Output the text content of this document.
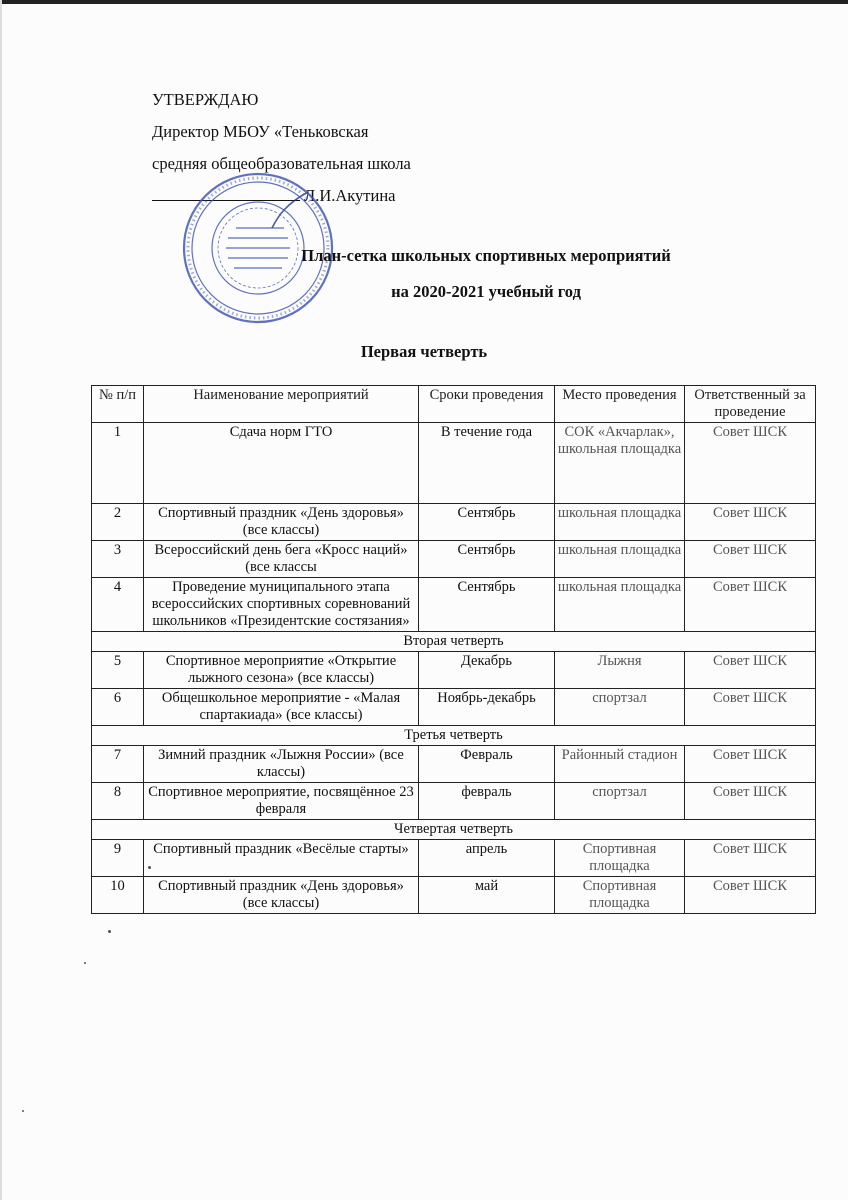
УТВЕРЖДАЮ
Директор МБОУ «Теньковская
средняя общеобразовательная школа
Л.И.Акутина
План-сетка школьных спортивных мероприятий
на 2020-2021 учебный год
Первая четверть
№ п/п	Наименование мероприятий	Сроки проведения	Место проведения	Ответственный за проведение
1	Сдача норм ГТО	В течение года	СОК «Акчарлак», школьная площадка	Совет ШСК
2	Спортивный праздник «День здоровья» (все классы)	Сентябрь	школьная площадка	Совет ШСК
3	Всероссийский день бега «Кросс наций» (все классы	Сентябрь	школьная площадка	Совет ШСК
4	Проведение муниципального этапа всероссийских спортивных соревнований школьников «Президентские состязания»	Сентябрь	школьная площадка	Совет ШСК
Вторая четверть				
5	Спортивное мероприятие «Открытие лыжного сезона» (все классы)	Декабрь	Лыжня	Совет ШСК
6	Общешкольное мероприятие - «Малая спартакиада» (все классы)	Ноябрь-декабрь	спортзал	Совет ШСК
Третья четверть				
7	Зимний праздник «Лыжня России» (все классы)	Февраль	Районный стадион	Совет ШСК
8	Спортивное мероприятие, посвящённое 23 февраля	февраль	спортзал	Совет ШСК
Четвертая четверть				
9	Спортивный праздник «Весёлые старты»	апрель	Спортивная площадка	Совет ШСК
10	Спортивный праздник «День здоровья» (все классы)	май	Спортивная площадка	Совет ШСК
